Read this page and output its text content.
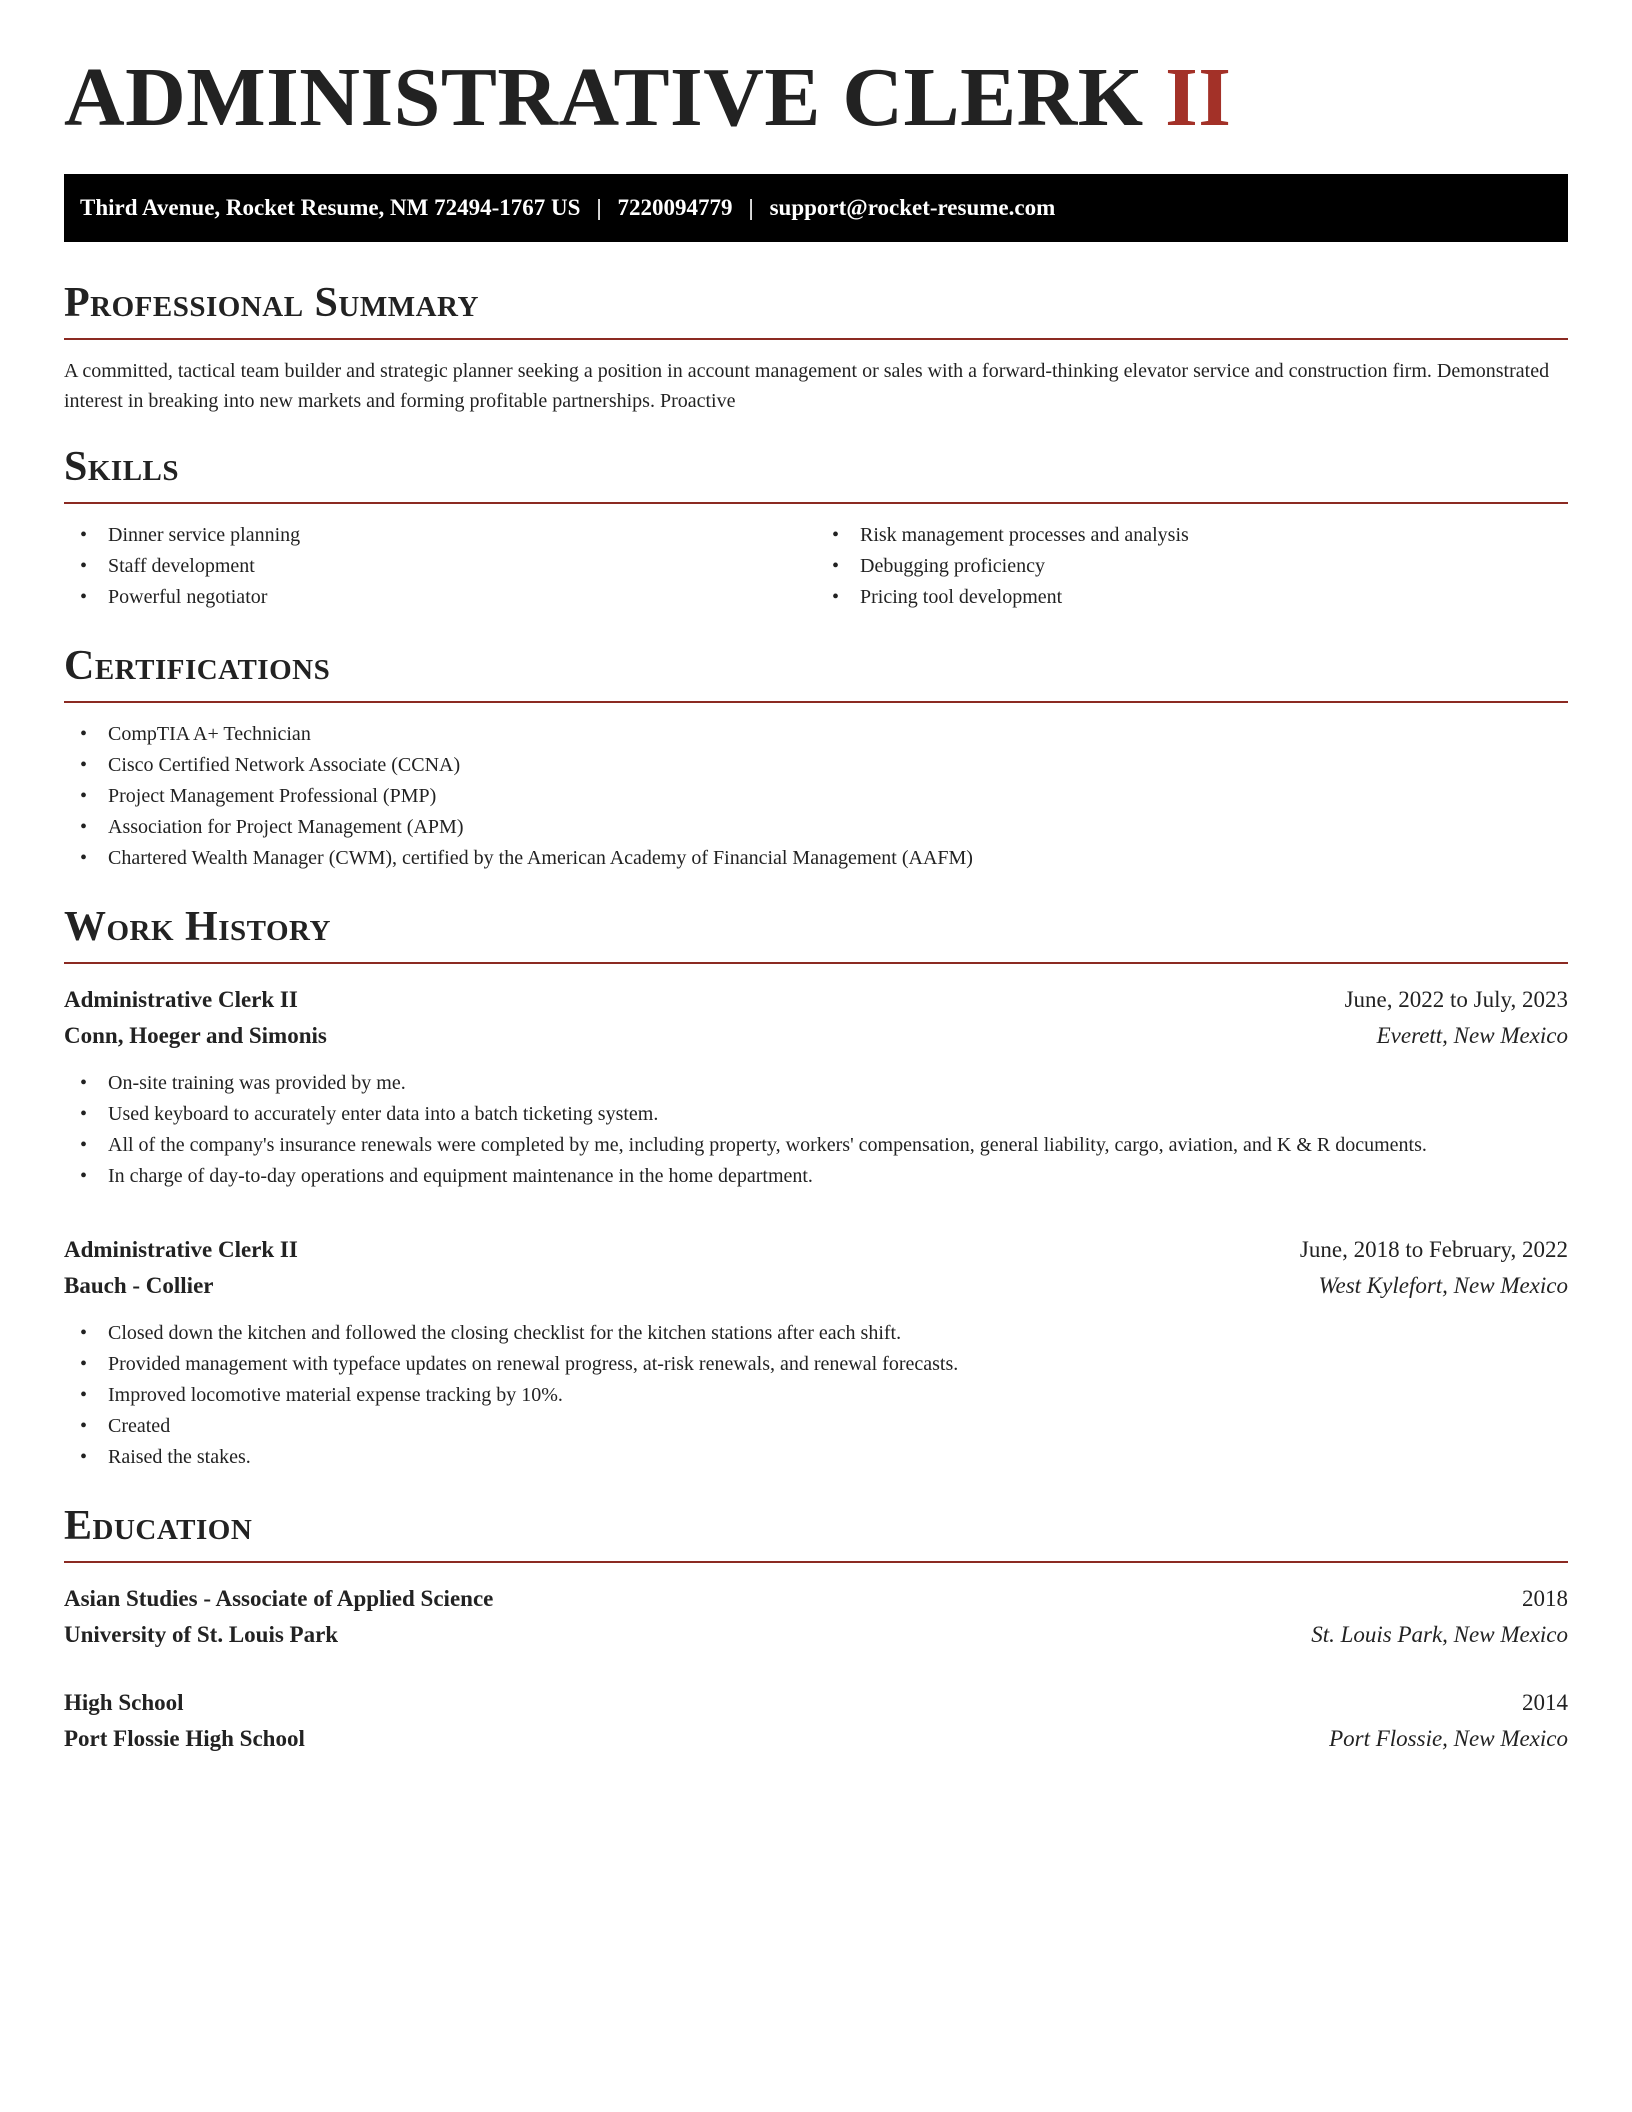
ADMINISTRATIVE CLERK II
Third Avenue, Rocket Resume, NM 72494-1767 US | 7220094779 | support@rocket-resume.com
Professional Summary

A committed, tactical team builder and strategic planner seeking a position in account management or sales with a forward-thinking elevator service and construction firm. Demonstrated interest in breaking into new markets and forming profitable partnerships. Proactive

Skills
• Dinner service planning
• Staff development
• Powerful negotiator
• Risk management processes and analysis
• Debugging proficiency
• Pricing tool development
Certifications
• CompTIA A+ Technician
• Cisco Certified Network Associate (CCNA)
• Project Management Professional (PMP)
• Association for Project Management (APM)
• Chartered Wealth Manager (CWM), certified by the American Academy of Financial Management (AAFM)
Work History
Administrative Clerk II	June, 2022 to July, 2023
Conn, Hoeger and Simonis	Everett, New Mexico
• On-site training was provided by me.
• Used keyboard to accurately enter data into a batch ticketing system.
• All of the company's insurance renewals were completed by me, including property, workers' compensation, general liability, cargo, aviation, and K & R documents.
• In charge of day-to-day operations and equipment maintenance in the home department.
Administrative Clerk II	June, 2018 to February, 2022
Bauch - Collier	West Kylefort, New Mexico
• Closed down the kitchen and followed the closing checklist for the kitchen stations after each shift.
• Provided management with typeface updates on renewal progress, at-risk renewals, and renewal forecasts.
• Improved locomotive material expense tracking by 10%.
• Created
• Raised the stakes.
Education
Asian Studies - Associate of Applied Science	2018
University of St. Louis Park	St. Louis Park, New Mexico
High School	2014
Port Flossie High School	Port Flossie, New Mexico
